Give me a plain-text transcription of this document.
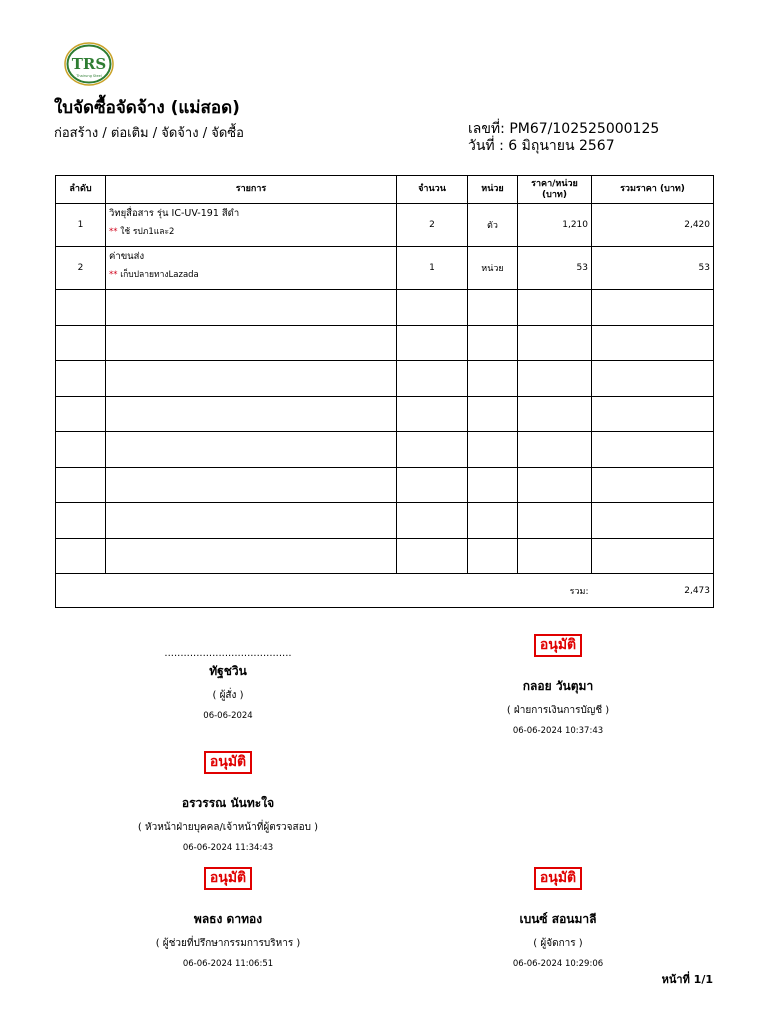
TRS
Thairung Steel
ใบจัดซื้อจัดจ้าง (แม่สอด)
ก่อสร้าง / ต่อเติม / จัดจ้าง / จัดซื้อ	เลขที่: PM67/102525000125
วันที่ : 6 มิถุนายน 2567
ลำดับ	รายการ	จำนวน	หน่วย	ราคา/หน่วย
(บาท)	รวมราคา (บาท)
1	วิทยุสื่อสาร รุ่น IC-UV-191 สีดำ
** ใช้ รปภ1และ2	2	ตัว	1,210	2,420
2	ค่าขนส่ง
** เก็บปลายทางLazada	1	หน่วย	53	53

				รวม:	2,473
........................................
ทัฐชวิน
( ผู้สั่ง )
06-06-2024
อนุมัติ
กลอย วันตุมา
( ฝ่ายการเงินการบัญชี )
06-06-2024 10:37:43
อนุมัติ
อรวรรณ นันทะใจ
( หัวหน้าฝ่ายบุคคล/เจ้าหน้าที่ผู้ตรวจสอบ )
06-06-2024 11:34:43
อนุมัติ
พลธง ดาทอง
( ผู้ช่วยที่ปรึกษากรรมการบริหาร )
06-06-2024 11:06:51
อนุมัติ
เบนซ์ สอนมาลี
( ผู้จัดการ )
06-06-2024 10:29:06
หน้าที่ 1/1
